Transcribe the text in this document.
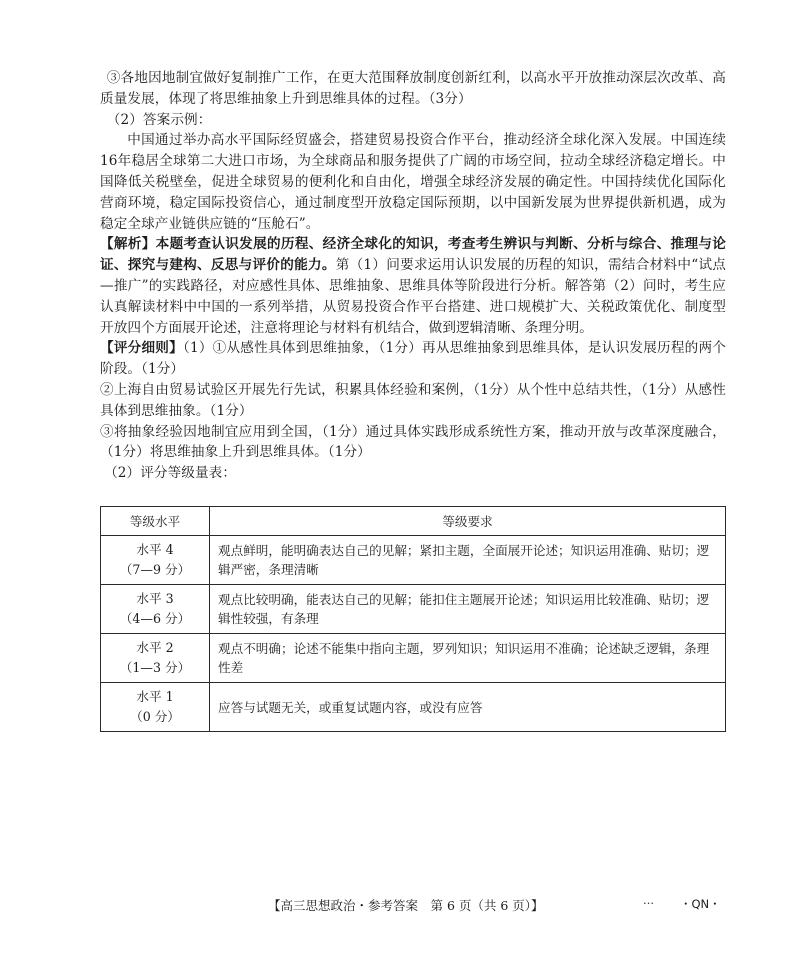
③各地因地制宜做好复制推广工作，在更大范围释放制度创新红利，以高水平开放推动深层次改革、高质量发展，体现了将思维抽象上升到思维具体的过程。（3分）

（2）答案示例：

中国通过举办高水平国际经贸盛会，搭建贸易投资合作平台，推动经济全球化深入发展。中国连续16年稳居全球第二大进口市场，为全球商品和服务提供了广阔的市场空间，拉动全球经济稳定增长。中国降低关税壁垒，促进全球贸易的便利化和自由化，增强全球经济发展的确定性。中国持续优化国际化营商环境，稳定国际投资信心，通过制度型开放稳定国际预期，以中国新发展为世界提供新机遇，成为稳定全球产业链供应链的“压舱石”。

【解析】本题考查认识发展的历程、经济全球化的知识，考查考生辨识与判断、分析与综合、推理与论证、探究与建构、反思与评价的能力。第（1）问要求运用认识发展的历程的知识，需结合材料中“试点—推广”的实践路径，对应感性具体、思维抽象、思维具体等阶段进行分析。解答第（2）问时，考生应认真解读材料中中国的一系列举措，从贸易投资合作平台搭建、进口规模扩大、关税政策优化、制度型开放四个方面展开论述，注意将理论与材料有机结合，做到逻辑清晰、条理分明。

【评分细则】（1）①从感性具体到思维抽象，（1分）再从思维抽象到思维具体，是认识发展历程的两个阶段。（1分）

②上海自由贸易试验区开展先行先试，积累具体经验和案例，（1分）从个性中总结共性，（1分）从感性具体到思维抽象。（1分）

③将抽象经验因地制宜应用到全国，（1分）通过具体实践形成系统性方案，推动开放与改革深度融合，（1分）将思维抽象上升到思维具体。（1分）

（2）评分等级量表：

等级水平	等级要求
水平 4
（7—9 分）	观点鲜明，能明确表达自己的见解；紧扣主题，全面展开论述；知识运用准确、贴切；逻辑严密，条理清晰
水平 3
（4—6 分）	观点比较明确，能表达自己的见解；能扣住主题展开论述；知识运用比较准确、贴切；逻辑性较强，有条理
水平 2
（1—3 分）	观点不明确；论述不能集中指向主题，罗列知识；知识运用不准确；论述缺乏逻辑，条理性差
水平 1
（0 分）	应答与试题无关，或重复试题内容，或没有应答
【高三思想政治・参考答案　第 6 页（共 6 页）】	… ・QN・
